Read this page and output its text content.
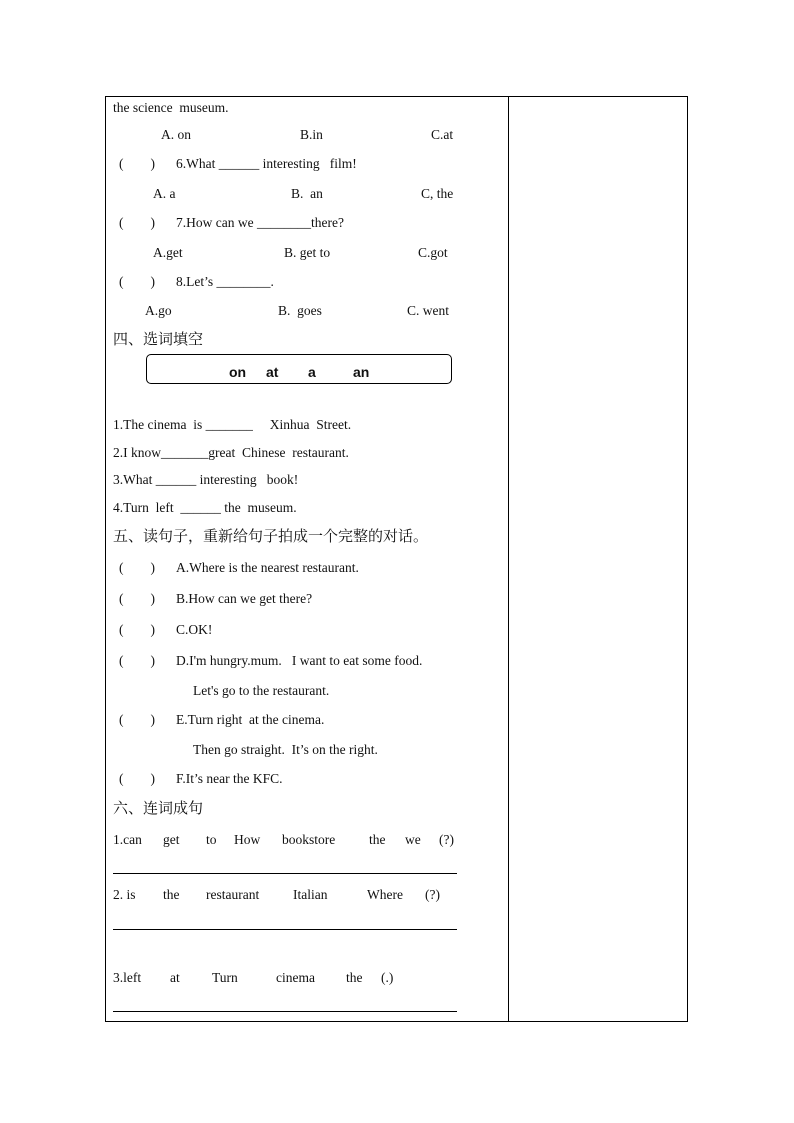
the science  museum.
A. on	B.in	C.at
(        ) 6.What ______ interesting   film!
A. a	B.  an	C, the
(        ) 7.How can we ________there?
A.get	B. get to	C.got
(        ) 8.Let’s ________.
A.go	B.  goes	C. went
四、选词填空
on at a	an
1.The cinema  is _______     Xinhua  Street.
2.I know_______great  Chinese  restaurant.
3.What ______ interesting   book!
4.Turn  left  ______ the  museum.
五、读句子，重新给句子拍成一个完整的对话。
(        ) A.Where is the nearest restaurant.
(        ) B.How can we get there?
(        ) C.OK!
(        ) D.I'm hungry.mum.   I want to eat some food.
Let's go to the restaurant.
(        ) E.Turn right  at the cinema.
Then go straight.  It’s on the right.
(        ) F.It’s near the KFC.
六、连词成句
1.can get to How bookstore	the we (?)
2. is the restaurant	Italian	Where (?)
3.left at Turn	cinema the (.)
